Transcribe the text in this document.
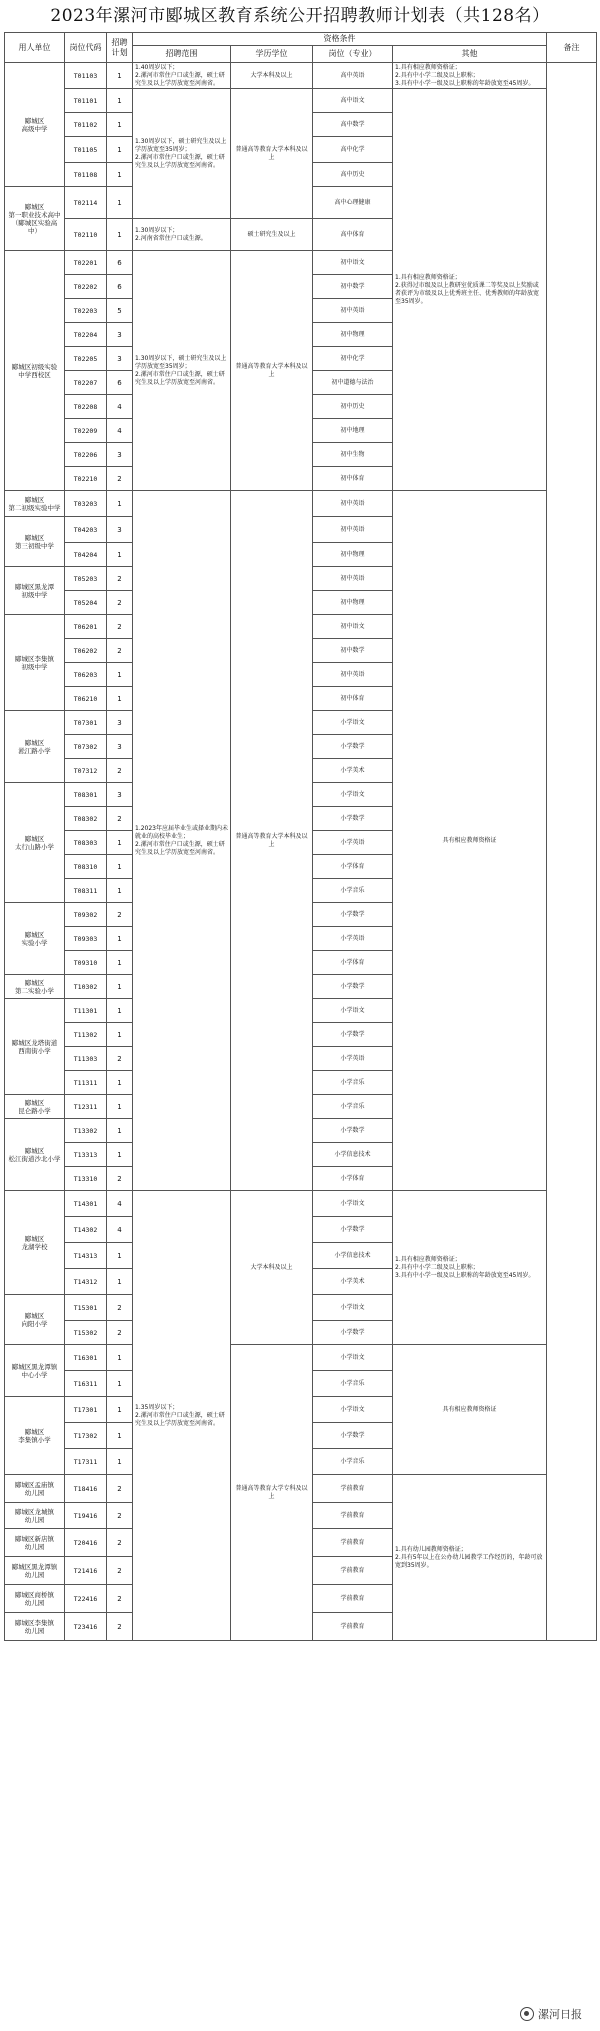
2023年漯河市郾城区教育系统公开招聘教师计划表（共128名）
用人单位	岗位代码	招聘计划	资格条件				备注
			招聘范围	学历学位	岗位（专业）	其他	
郾城区
高级中学	T01103	1	1.40周岁以下；
2.漯河市常住户口或生源，硕士研究生及以上学历放宽至河南省。	大学本科及以上	高中英语	1.具有相应教师资格证；
2.具有中小学二级及以上职称；
3.具有中小学一级及以上职称的年龄放宽至45周岁。	
	T01101	1	1.30周岁以下，硕士研究生及以上学历放宽至35周岁；
2.漯河市常住户口或生源，硕士研究生及以上学历放宽至河南省。	普通高等教育大学本科及以上	高中语文	1.具有相应教师资格证；
2.获得过市级及以上教研室优质课二等奖及以上奖励或者获评为市级及以上优秀班主任、优秀教师的年龄放宽至35周岁。	
	T01102	1			高中数学		
	T01105	1			高中化学		
	T01108	1			高中历史		
郾城区
第一职业技术高中
（郾城区实验高中）	T02114	1			高中心理健康		
	T02110	1	1.30周岁以下；
2.河南省常住户口或生源。	硕士研究生及以上	高中体育		
郾城区初级实验
中学西校区	T02201	6	1.30周岁以下，硕士研究生及以上学历放宽至35周岁；
2.漯河市常住户口或生源，硕士研究生及以上学历放宽至河南省。	普通高等教育大学本科及以上	初中语文		
	T02202	6			初中数学		
	T02203	5			初中英语		
	T02204	3			初中物理		
	T02205	3			初中化学		
	T02207	6			初中道德与法治		
	T02208	4			初中历史		
	T02209	4			初中地理		
	T02206	3			初中生物		
	T02210	2			初中体育		
郾城区
第二初级实验中学	T03203	1	1.2023年应届毕业生或择业期内未就业的高校毕业生；
2.漯河市常住户口或生源，硕士研究生及以上学历放宽至河南省。	普通高等教育大学本科及以上	初中英语	具有相应教师资格证	
郾城区
第三初级中学	T04203	3			初中英语		
	T04204	1			初中物理		
郾城区黑龙潭
初级中学	T05203	2			初中英语		
	T05204	2			初中物理		
郾城区李集镇
初级中学	T06201	2			初中语文		
	T06202	2			初中数学		
	T06203	1			初中英语		
	T06210	1			初中体育		
郾城区
淞江路小学	T07301	3			小学语文		
	T07302	3			小学数学		
	T07312	2			小学美术		
郾城区
太行山路小学	T08301	3			小学语文		
	T08302	2			小学数学		
	T08303	1			小学英语		
	T08310	1			小学体育		
	T08311	1			小学音乐		
郾城区
实验小学	T09302	2			小学数学		
	T09303	1			小学英语		
	T09310	1			小学体育		
郾城区
第二实验小学	T10302	1			小学数学		
郾城区龙塔街道
西南街小学	T11301	1			小学语文		
	T11302	1			小学数学		
	T11303	2			小学英语		
	T11311	1			小学音乐		
郾城区
昆仑路小学	T12311	1			小学音乐		
郾城区
松江街道沙北小学	T13302	1			小学数学		
	T13313	1			小学信息技术		
	T13310	2			小学体育		
郾城区
龙湖学校	T14301	4	1.35周岁以下；
2.漯河市常住户口或生源，硕士研究生及以上学历放宽至河南省。	大学本科及以上	小学语文	1.具有相应教师资格证；
2.具有中小学二级及以上职称；
3.具有中小学一级及以上职称的年龄放宽至45周岁。	
	T14302	4			小学数学		
	T14313	1			小学信息技术		
	T14312	1			小学美术		
郾城区
向阳小学	T15301	2			小学语文		
	T15302	2			小学数学		
郾城区黑龙潭镇
中心小学	T16301	1		普通高等教育大学专科及以上	小学语文	具有相应教师资格证	
	T16311	1			小学音乐		
郾城区
李集镇小学	T17301	1			小学语文		
	T17302	1			小学数学		
	T17311	1			小学音乐		
郾城区孟庙镇
幼儿园	T18416	2			学前教育	1.具有幼儿园教师资格证；
2.具有5年以上在公办幼儿园教学工作经历的，年龄可放宽到35周岁。	
郾城区龙城镇
幼儿园	T19416	2			学前教育		
郾城区新店镇
幼儿园	T20416	2			学前教育		
郾城区黑龙潭镇
幼儿园	T21416	2			学前教育		
郾城区商桥镇
幼儿园	T22416	2			学前教育		
郾城区李集镇
幼儿园	T23416	2			学前教育		
漯河日报
